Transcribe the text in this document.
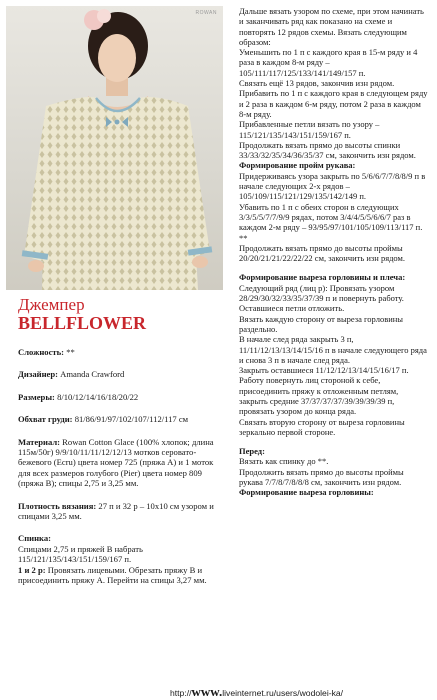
ROWAN

Джемпер

BELLFLOWER

Сложность: **

Дизайнер: Amanda Crawford

Размеры: 8/10/12/14/16/18/20/22

Обхват груди: 81/86/91/97/102/107/112/117 см

Материал: Rowan Cotton Glace (100% хлопок; длина 115м/50г) 9/9/10/11/11/12/12/13 мотков серовато-бежевого (Ecru) цвета номер 725 (пряжа А) и 1 моток для всех размеров голубого (Pier) цвета номер 809 (пряжа В); спицы 2,75 и 3,25 мм.

Плотность вязания: 27 п и 32 р – 10x10 см узором и спицами 3,25 мм.

Спинка:
Спицами 2,75 и пряжей В набрать 115/121/135/143/151/159/167 п.
1 и 2 р: Провязать лицевыми. Обрезать пряжу В и присоединить пряжу А. Перейти на спицы 3,27 мм.

Дальше вязать узором по схеме, при этом начинать и заканчивать ряд как показано на схеме и повторять 12 рядов схемы. Вязать следующим образом:

Уменьшить по 1 п с каждого края в 15-м ряду и 4 раза в каждом 8-м ряду – 105/111/117/125/133/141/149/157 п.

Связать ещё 13 рядов, закончив изн рядом.

Прибавить по 1 п с каждого края в следующем ряду и 2 раза в каждом 6-м ряду, потом 2 раза в каждом 8-м ряду.

Прибавленные петли вязать по узору – 115/121/135/143/151/159/167 п.

Продолжать вязать прямо до высоты спинки 33/33/32/35/34/36/35/37 см, закончить изн рядом.

Формирование пройм рукава:

Придерживаясь узора закрыть по 5/6/6/7/7/8/8/9 п в начале следующих 2-х рядов – 105/109/115/121/129/135/142/149 п.

Убавить по 1 п с обеих сторон в следующих 3/3/5/5/7/7/9/9 рядах, потом 3/4/4/5/5/6/6/7 раз в каждом 2-м ряду – 93/95/97/101/105/109/113/117 п. **

Продолжать вязать прямо до высоты проймы 20/20/21/21/22/22/22 см, закончить изн рядом.

Формирование выреза горловины и плеча:

Следующий ряд (лиц р): Провязать узором 28/29/30/32/33/35/37/39 п и повернуть работу. Оставшиеся петли отложить.

Вязать каждую сторону от выреза горловины раздельно.

В начале след ряда закрыть 3 п, 11/11/12/13/13/14/15/16 п в начале следующего ряда и снова 3 п в начале след ряда.

Закрыть оставшиеся 11/12/12/13/14/15/16/17 п.

Работу повернуть лиц стороной к себе, присоединить пряжу к отложенным петлям, закрыть средние 37/37/37/37/39/39/39/39 п, провязать узором до конца ряда.

Связать вторую сторону от выреза горловины зеркально первой стороне.

Перед:

Вязать как спинку до **.

Продолжить вязать прямо до высоты проймы рукава 7/7/8/7/8/8/8 см, закончить изн рядом.

Формирование выреза горловины:

http://www.liveinternet.ru/users/wodolei-ka/
